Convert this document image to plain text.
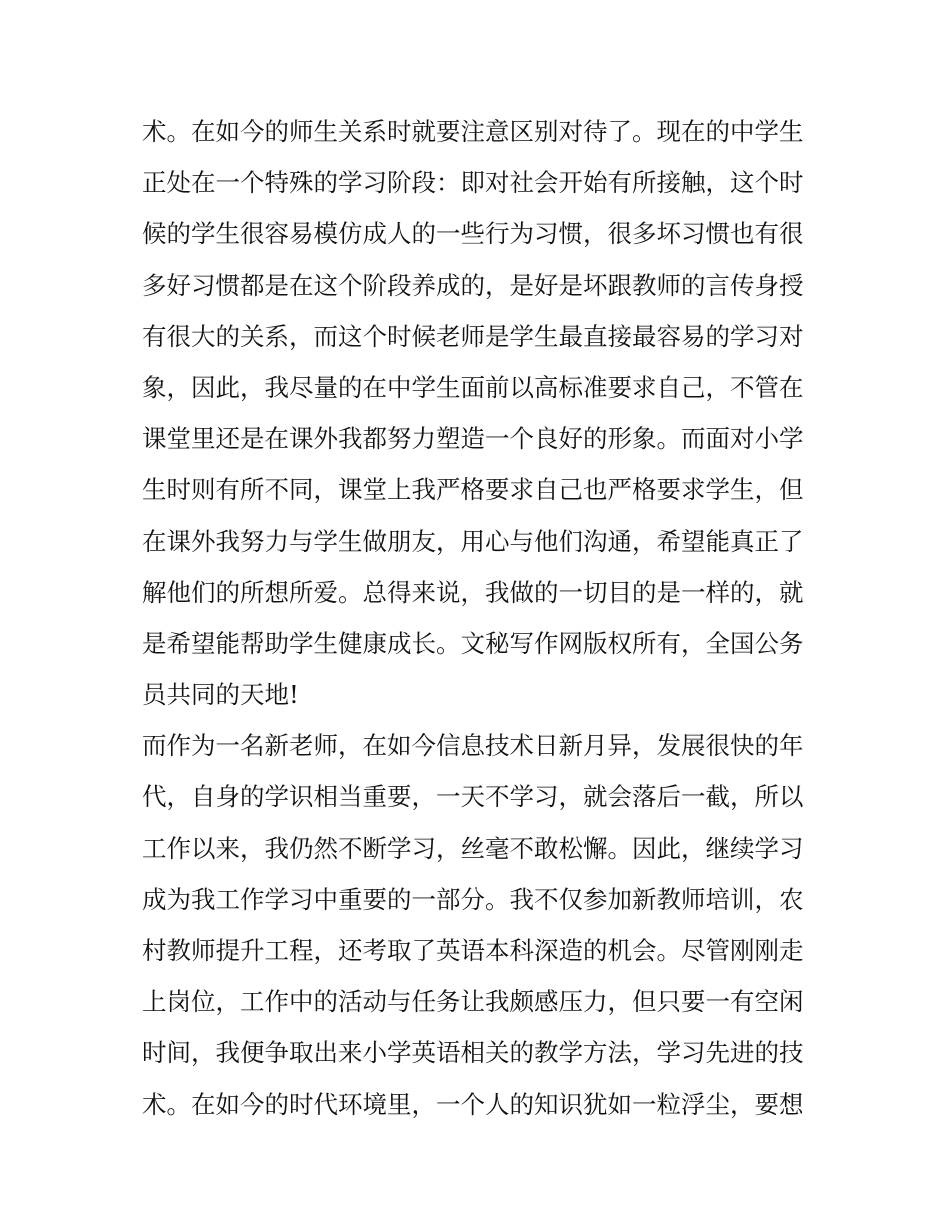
术。在如今的师生关系时就要注意区别对待了。现在的中学生
正处在一个特殊的学习阶段：即对社会开始有所接触，这个时
候的学生很容易模仿成人的一些行为习惯，很多坏习惯也有很
多好习惯都是在这个阶段养成的，是好是坏跟教师的言传身授
有很大的关系，而这个时候老师是学生最直接最容易的学习对
象，因此，我尽量的在中学生面前以高标准要求自己，不管在
课堂里还是在课外我都努力塑造一个良好的形象。而面对小学
生时则有所不同，课堂上我严格要求自己也严格要求学生，但
在课外我努力与学生做朋友，用心与他们沟通，希望能真正了
解他们的所想所爱。总得来说，我做的一切目的是一样的，就
是希望能帮助学生健康成长。文秘写作网版权所有，全国公务
员共同的天地!
而作为一名新老师，在如今信息技术日新月异，发展很快的年
代，自身的学识相当重要，一天不学习，就会落后一截，所以
工作以来，我仍然不断学习，丝毫不敢松懈。因此，继续学习
成为我工作学习中重要的一部分。我不仅参加新教师培训，农
村教师提升工程，还考取了英语本科深造的机会。尽管刚刚走
上岗位，工作中的活动与任务让我颇感压力，但只要一有空闲
时间，我便争取出来小学英语相关的教学方法，学习先进的技
术。在如今的时代环境里，一个人的知识犹如一粒浮尘，要想
